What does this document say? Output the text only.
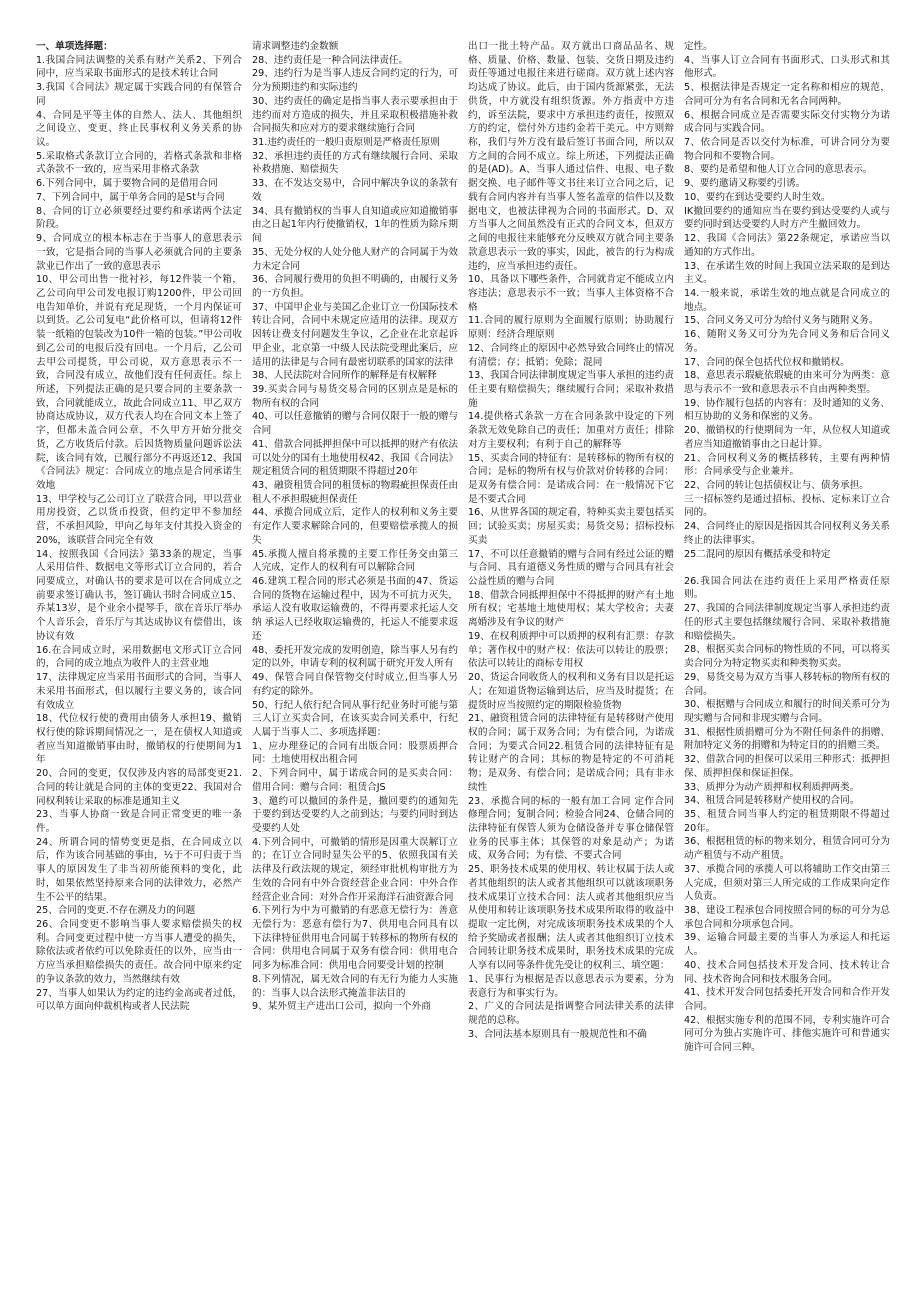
一、单项选择题：

1.我国合同法调整的关系有财产关系2、下列合同中，应当采取书面形式的是技术转让合同

3.我国《合同法》规定属于实践合同的有保管合同

4、合同是平等主体的自然人、法人、其他组织之间设立、变更、终止民事权利义务关系的协议。

5.采取格式条款订立合同的，若格式条款和非格式条款不一致的，应当采用非格式条款

6.下列合同中，属于要物合同的是借用合同

7、下列合同中，属于单务合同的是St与合同

8、合同的订立必须要经过要约和承诺两个法定阶段。

9、合同成立的根本标志在于当事人的意思表示一致，它是指合同的当事人必须就合同的主要条款业已作出了一致的意思表示

10、甲公司出售一批衬衫，每12件装一个箱，乙公司向甲公司发电报订购1200件，甲公司回电告知单价，并说有充足现货，一个月内保证可以到货。乙公司复电“此价格可以，但请将12件装一纸箱的包装改为10件一箱的包装。”甲公司收到乙公司的电报后没有回电。一个月后，乙公司去甲公司提货，甲公司说，双方意思表示不一致，合同没有成立，故他们没有任何责任。综上所述，下列提法正确的是只要合同的主要条款一致，合同就能成立，故此合同成立11、甲乙双方协商达成协议，双方代表人均在合同文本上签了字，但都未盖合同公章，不久甲方开始分批交货，乙方收货后付款。后因货物质量问题诉讼法院，该合同有效，已履行部分不再返还12、我国《合同法》规定：合同成立的地点是合同承诺生效地

13、甲学校与乙公司订立了联营合同，甲以营业用房投资，乙以货币投资，但约定甲不参加经营，不承担风险，甲向乙每年支付其投入资金的20%，该联营合同完全有效

14、按照我国《合同法》第33条的规定，当事人采用信件、数据电文等形式订立合同的，若合同要成立，对确认书的要求是可以在合同成立之前要求签订确认书，签订确认书时合同成立15、乔某13岁，是个业余小提琴手，欲在音乐厅举办个人音乐会，音乐厅与其达成协议有偿借出，该协议有效

16.在合同成立时，采用数据电文形式订立合同的，合同的成立地点为收件人的主营业地

17、法律规定应当采用书面形式的合同，当事人未采用书面形式，但以履行主要义务的，该合同有效成立

18、代位权行使的费用由债务人承担19、撤销权行使的除诉期间情况之一，是在债权人知道或者应当知道撤销事由时，撤销权的行使期间为1年

20、合同的变更，仅仅涉及内容的局部变更21.合同的转让就是合同的主体的变更22、我国对合同权利转让采取的标准是通知主义

23、当事人协商一致是合同正常变更的唯一条件。

24、所谓合同的情势变更是指，在合同成立以后，作为该合同基础的事由，½于不可归责于当事人的原因发生了非当初所能预料的变化，此时，如果依然坚持原来合同的法律效力，必然产生不公平的结果。

25、合同的变更.不存在溯及力的问题

26、合同变更不影响当事人要求赔偿损失的权利。合同变更过程中使一方当事人遭受的损失，除依法或者依约可以免除责任的以外，应当由一方应当承担赔偿损失的责任。故合同中原来约定的争议条款的效力，当然继续有效

27、当事人如果认为约定的违约金高或者过低，可以单方面向仲裁机构或者人民法院

请求调整违约金数额

28、违约责任是一种合同法律责任。

29、违约行为是当事人违反合同约定的行为，可分为预期违约和实际违约

30、违约责任的确定是指当事人表示要承担由于违约而对方造成的损失，并且采取积极措施补救合同损失和应对方的要求继续施行合同

31.违约责任的一般归责原则是严格责任原则

32、承担违约责任的方式有继续履行合同、采取补救措施、赔偿损失

33、在不发达交易中，合同中解决争议的条款有效

34、具有撤销权的当事人自知道或应知道撤销事由之日起1年内行使撤销权，1年的性质为除斥期间

35、无处分权的人处分他人财产的合同属于为效力未定合同

36、合同履行费用的负担不明确的，由履行义务的一方负担。

37、中国甲企业与美国乙企业订立一份国际技术转让合同，合同中未规定应适用的法律。现双方因转让费支付问题发生争议，乙企业在北京起诉甲企业，北京第一中级人民法院受理此案后，应适用的法律是与合同有最密切联系的国家的法律

38、人民法院对合同所作的解释是有权解释

39.买卖合同与易货交易合同的区别点是是标的物所有权的合同

40、可以任意撤销的赠与合同仅限于一般的赠与合同

41、借款合同抵押担保中可以抵押的财产有依法可以处分的国有土地使用权42、我国《合同法》规定租赁合同的租赁期限不得超过20年

43、融资租赁合同的租赁标的物瑕疵担保责任由租人不承担瑕疵担保责任

44、承揽合同成立后，定作人的权利和义务主要有定作人要求解除合同的，但要赔偿承揽人的损失

45.承揽人擅自将承揽的主要工作任务交由第三人完成，定作人的权利有可以解除合同

46.建筑工程合同的形式必须是书面的47、货运合同的货物在运输过程中，因为不可抗力灭失，承运人没有收取运输费的，不得再要求托运人交纳 承运人已经收取运输费的，托运人不能要求返还

48、委托开发完成的发明创造，除当事人另有约定的以外，申请专利的权利属于研究开发人所有

49、保管合同自保管物交付时成立,但当事人另有约定的除外。

50、行纪人依行纪合同从事行纪业务时可能与第三人订立买卖合同，在该买卖合同关系中，行纪人属于当事人二、多项选择题：

1、应办理登记的合同有出版合同：股票质押合同：土地使用权出租合同

2、下列合同中，属于诺成合同的是买卖合同：借用合同：赠与合同：租赁合JS

3、邀约可以撤回的条件是，撤回要约的通知先于要约到达受要约人之前到达；与要约同时到达受要约人处

4.下列合同中，可撤销的情形是因重大误解订立的；在订立合同时显失公平的5、依照我国有关法律及行政法规的规定，须经审批机构审批方为生效的合同有中外合资经营企业合同：中外合作经营企业合同：对外合作开采海洋石油资源合同

6.下列行为中为可撤销的有恶意无偿行为：善意无偿行为：恶意有偿行为7、供用电合同具有以下法律特征供用电合同属于转移标的物所有权的合同：供用电合同属于双务有偿合同：供用电合同多为标准合同：供用电合同要受计划的控制

8.下列情况，属无效合同的有无行为能力人实施的：当事人以合法形式掩盖非法目的

9、某外贸主产进出口公司，拟向一个外商

出口一批土特产品。双方就出口商品品名、规格、质量、价格、数量、包装、交货日期及违约责任等通过电报往来进行磋商。双方就上述内容均达成了协议。此后，由于国内货源紧张，无法供货，中方就没有组织货源。外方指责中方违约，诉至法院，要求中方承担违约责任，按照双方的约定，偿付外方违约金若干美元。中方则辩称，我们与外方没有最后签订书面合同，所以双方之间的合同不成立。综上所述，下列提法正确的是(AD)。A、当事人通过信件、电报、电子数据交换、电子邮件等文书往来订立合同之后，记载有合同内容并有当事人签名盖章的信件以及数据电文，也被法律视为合同的书面形式。D、双方当事人之间虽然没有正式的合同文本，但双方之间的电报往来能够充分反映双方就合同主要条款意思表示一致的事实，因此，被告的行为构成违约，应当承担违约责任。

10、具备以下哪些条件，合同就肯定不能成立内容违法；意思表示不一致；当事人主体资格不合格

11.合同的履行原则为全面履行原则；协助履行原则：经济合理原则

12、合同终止的原因中必然导致合同终止的情况有清偿；存；抵销；免除；混同

13、我国合同法律制度规定当事人承担的违约责任主要有赔偿损失；继续履行合同；采取补救措施

14.提供格式条款一方在合同条款中设定的下列条款无效免除自己的责任；加重对方责任；排除对方主要权利；有利于自己的解释等

15、买卖合同的特征有：是转移标的物所有权的合同；是标的物所有权与价款对价转移的合同：是双务有偿合同：是诺成合同：在一般情况下它是不要式合同

16、从世界各国的规定看，特种买卖主要包括买回；试验买卖；房屋买卖；易货交易；招标投标买卖

17、不可以任意撤销的赠与合同有经过公证的赠与合同、具有道德义务性质的赠与合同具有社会公益性质的赠与合同

18、借款合同抵押担保中不得抵押的财产有土地所有权；宅基地土地使用权；某大学校舍；夫妻离婚涉及有争议的财产

19、在权利质押中可以质押的权利有汇票：存款单；著作权中的财产权：依法可以转让的股票；依法可以转让的商标专用权

20、货运合同收货人的权利和义务有目以是托运人；在知道货物运输到达后，应当及时提货；在提货时应当按照约定的期限检验货物

21、融资租赁合同的法律特征有是转移财产使用权的合同；属于双务合同；为有偿合同，为诺成合同；为要式合同22.租赁合同的法律特征有是转让财产的合同；其标的物是特定的不可消耗物；是双务、有偿合同；是诺成合同；具有非永续性

23、承揽合同的标的一般有加工合同 定作合同修理合同；复制合同；检验合同24、仓储合同的法律特征有保管人须为仓储设备并专事仓储保管业务的民事主体；其保管的对象是动产；为诺成、双务合同；为有偿、不要式合同

25、职务技术成果的使用权、转让权属于法人或者其他组织的法人或者其他组织可以就该项职务技术成果订立技术合同：法人或者其他组织应当从使用和转让该项职务技术成果所取得的收益中提取一定比例，对完成该项职务技术成果的个人给予奖励或者报酬；法人或者其他组织订立技术合同转让职务技术成果时，职务技术成果的完成人享有以同等条件优先受让的权利三、填空题：

1、民事行为根据是否以意思表示为要素，分为表意行为和事实行为。

2、广义的合同法是指调整合同法律关系的法律规范的总称。

3、合同法基本原则具有一般规范性和不确

定性。

4、当事人订立合同有书面形式、口头形式和其他形式。

5、根据法律是否规定一定名称和相应的规范，合同可分为有名合同和无名合同两种。

6、根据合同成立是否需要实际交付实物分为诺成合同与实践合同。

7、依合同是否以交付为标准，可讲合同分为要物合同和不要物合同。

8、要约是希望和他人订立合同的意思表示。

9、要约邀请又称要约引诱。

10、要约在到达受要约人时生效。

IK撤回要约的通知应当在要约到达受要约人或与要约同时到达受要约人时方产生撤回效力。

12、我国《合同法》第22条规定，承诺应当以通知的方式作出。

13、在承诺生效的时间上我国立法采取的是到达主义。

14.一般来说，承诺生效的地点就是合同成立的地点。

15、合同义务又可分为给付义务与随附义务。

16、随附义务又可分为先合同义务和后合同义务。

17、合同的保全包括代位权和撤销权。

18、意思表示瑕疵依瑕疵的由来可分为两类：意思与表示不一致和意思表示不自由两种类型。

19、协作履行包括的内容有：及时通知的义务、相互协助的义务和保密的义务。

20、撤销权的行使期间为一年，从位权人知道或者应当知道撤销事由之日起计算。

21、合同权利义务的概括移转，主要有两种情形：合同承受与企业兼并。

22、合同的转让包括债权让与、债务承担。

三一招标签约是通过招标、投标、定标来订立合同的。

24、合同终止的原因是指因其合同权利义务关系终止的法律事实。

25二混同的原因有概括承受和特定

26.我国合同法在违约责任上采用严格责任原则。

27、我国的合同法律制度规定当事人承担违约责任的形式主要包括继续履行合同、采取补救措施和赔偿损失。

28、根据买卖合同标的物性质的不同，可以将买卖合同分为特定物买卖和种类物买卖。

29、易货交易为双方当事人移转标的物所有权的合同。

30、根据赠与合同成立和履行的时间关系可分为现实赠与合同和非现实赠与合同。

31、根据性质捐赠可分为不附任何条件的捐赠、附加特定义务的捐赠和为特定目的的捐赠三类。

32、借款合同的担保可以采用三种形式：抵押担保、质押担保和保证担保。

33、质押分为动产质押和权利质押两类。

34、租赁合同是转移财产使用权的合同。

35、租赁合同当事人约定的租赁期限不得超过20年。

36、根据租赁的标的物来划分，租赁合同可分为动产租赁与不动产租赁。

37、承揽合同的承揽人可以将辅助工作交由第三人完成，但须对第三人所完成的工作成果向定作人负责。

38、建设工程承包合同按照合同的标的可分为总承包合同和分项承包合同。

39、运输合同最主要的当事人为承运人和托运人。

40、技术合同包括技术开发合同、技术转让合同、技术咨询合同和技术服务合同。

41、技术开发合同包括委托开发合同和合作开发合同。

42、根据实施专利的范围不同，专利实施许可合同可分为独占实施许可、排他实施许可和普通实施许可合同三种。
